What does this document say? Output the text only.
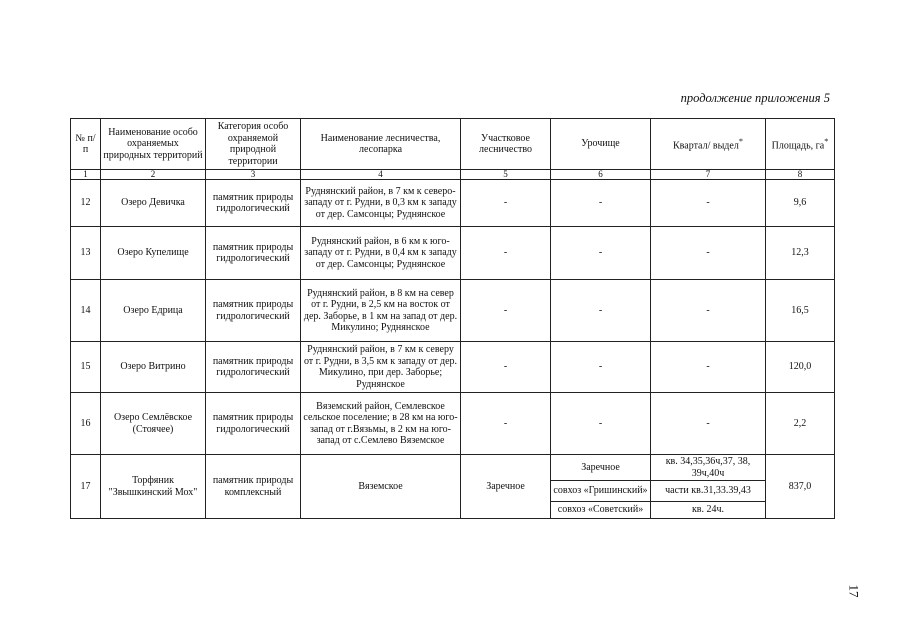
продолжение приложения 5
№ п/п	Наименование особо охраняемых природных территорий	Категория особо охраняемой природной территории	Наименование лесничества, лесопарка	Участковое лесничество	Урочище	Квартал/ выдел*	Площадь, га*
1	2	3	4	5	6	7	8
12	Озеро Девичка	памятник природы гидрологический	Руднянский район, в 7 км к северо-западу от г. Рудни, в 0,3 км к западу от дер. Самсонцы; Руднянское	-	-	-	9,6
13	Озеро Купелище	памятник природы гидрологический	Руднянский район, в 6 км к юго-западу от г. Рудни, в 0,4 км к западу от дер. Самсонцы; Руднянское	-	-	-	12,3
14	Озеро Едрица	памятник природы гидрологический	Руднянский район, в 8 км на север от г. Рудни, в 2,5 км на восток от дер. Заборье, в 1 км на запад от дер. Микулино; Руднянское	-	-	-	16,5
15	Озеро Витрино	памятник природы гидрологический	Руднянский район, в 7 км к северу от г. Рудни, в 3,5 км к западу от дер. Микулино, при дер. Заборье; Руднянское	-	-	-	120,0
16	Озеро Семлёвское (Стоячее)	памятник природы гидрологический	Вяземский район, Семлевское сельское поселение; в 28 км на юго-запад от г.Вязьмы, в 2 км на юго-запад от с.Семлево Вяземское	-	-	-	2,2
17	Торфяник "Звышкинский Мох"	памятник природы комплексный	Вяземское	Заречное	Заречное	кв. 34,35,36ч,37, 38, 39ч,40ч	837,0
					совхоз «Гришинский»	части кв.31,33.39,43	
					совхоз «Советский»	кв. 24ч.	
17
